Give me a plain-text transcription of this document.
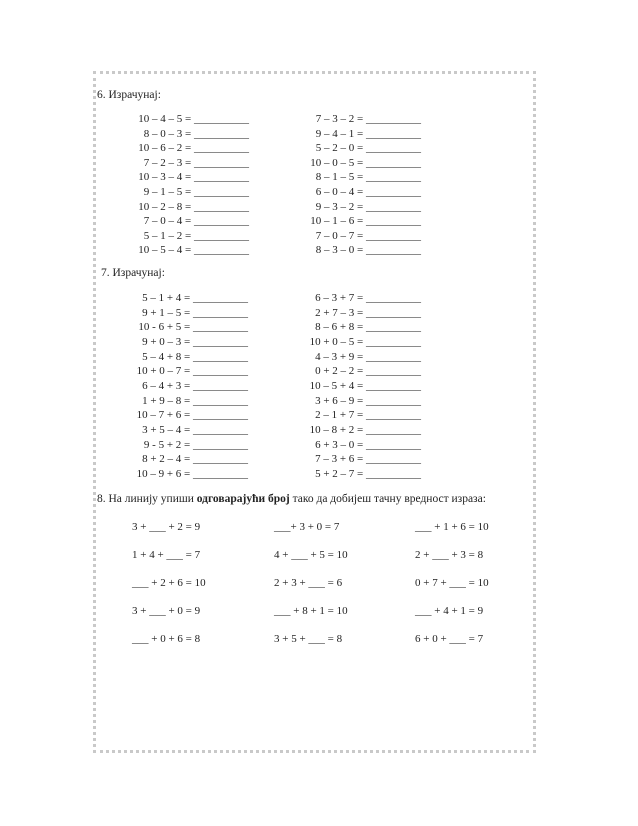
6. Израчунај:
10 – 4 – 5 = __________
8 – 0 – 3 = __________
10 – 6 – 2 = __________
7 – 2 – 3 = __________
10 – 3 – 4 = __________
9 – 1 – 5 = __________
10 – 2 – 8 = __________
7 – 0 – 4 = __________
5 – 1 – 2 = __________
10 – 5 – 4 = __________
7 – 3 – 2 = __________
9 – 4 – 1 = __________
5 – 2 – 0 = __________
10 – 0 – 5 = __________
8 – 1 – 5 = __________
6 – 0 – 4 = __________
9 – 3 – 2 = __________
10 – 1 – 6 = __________
7 – 0 – 7 = __________
8 – 3 – 0 = __________
7. Израчунај:
5 – 1 + 4 = __________
9 + 1 – 5 = __________
10 - 6 + 5 = __________
9 + 0 – 3 = __________
5 – 4 + 8 = __________
10 + 0 – 7 = __________
6 – 4 + 3 = __________
1 + 9 – 8 = __________
10 – 7 + 6 = __________
3 + 5 – 4 = __________
9 - 5 + 2 = __________
8 + 2 – 4 = __________
10 – 9 + 6 = __________
6 – 3 + 7 = __________
2 + 7 – 3 = __________
8 – 6 + 8 = __________
10 + 0 – 5 = __________
4 – 3 + 9 = __________
0 + 2 – 2 = __________
10 – 5 + 4 = __________
3 + 6 – 9 = __________
2 – 1 + 7 = __________
10 – 8 + 2 = __________
6 + 3 – 0 = __________
7 – 3 + 6 = __________
5 + 2 – 7 = __________
8. На линију упиши одговарајући број тако да добијеш тачну вредност израза:
3 + ___ + 2 = 9	___+ 3 + 0 = 7	___ + 1 + 6 = 10
1 + 4 + ___ = 7	4 + ___ + 5 = 10	2 + ___ + 3 = 8
___ + 2 + 6 = 10	2 + 3 + ___ = 6	0 + 7 + ___ = 10
3 + ___ + 0 = 9	___ + 8 + 1 = 10	___ + 4 + 1 = 9
___ + 0 + 6 = 8	3 + 5 + ___ = 8	6 + 0 + ___ = 7
